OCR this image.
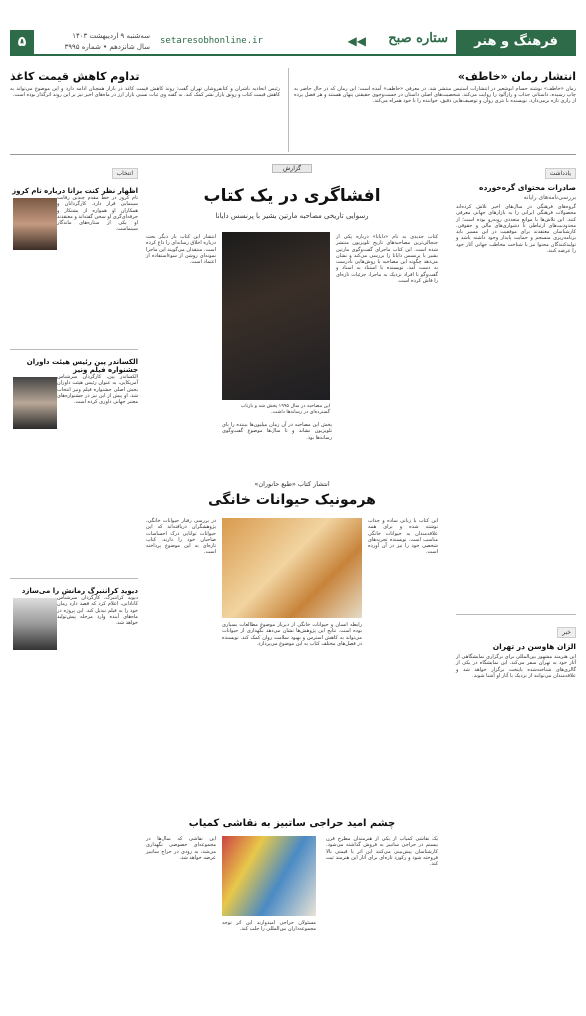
فرهنگ و هنر
ستاره صبح
◀◀
setaresobhonline.ir
سه‌شنبه ۹ اردیبهشت ۱۴۰۳
سال شانزدهم • شماره ۳۹۹۵
۵
انتشار رمان «خاطف»
رمان «خاطف» نوشته حسام ابوشعیر در انتشارات استیس منتشر شد. در معرفی «خاطف» آمده است: این رمان که در حال حاضر به چاپ رسیده، داستانی جذاب و رازآلود را روایت می‌کند. شخصیت‌های اصلی داستان در جست‌وجوی حقیقتی پنهان هستند و هر فصل پرده از رازی تازه برمی‌دارد. نویسنده با نثری روان و توصیف‌هایی دقیق، خواننده را با خود همراه می‌کند.
تداوم کاهش قیمت کاغذ
رئیس اتحادیه ناشران و کتابفروشان تهران گفت: روند کاهش قیمت کاغذ در بازار همچنان ادامه دارد و این موضوع می‌تواند به کاهش قیمت کتاب و رونق بازار نشر کمک کند. به گفته وی ثبات نسبی بازار ارز در ماه‌های اخیر نیز بر این روند اثرگذار بوده است.
یادداشت
صادرات محتوای گره‌خورده
بررسی‌نامه‌های رایانه
گروه‌های فرهنگی در سال‌های اخیر تلاش کرده‌اند محصولات فرهنگی ایرانی را به بازارهای جهانی معرفی کنند. این تلاش‌ها با موانع متعددی روبه‌رو بوده است؛ از محدودیت‌های ارتباطی تا دشواری‌های مالی و حقوقی. کارشناسان معتقدند برای موفقیت در این مسیر باید برنامه‌ریزی منسجم و حمایت پایدار وجود داشته باشد و تولیدکنندگان محتوا نیز با شناخت مخاطب جهانی آثار خود را عرضه کنند.
خبر
الزان هاوسن در تهران
این هنرمند مشهور بین‌المللی برای برگزاری نمایشگاهی از آثار خود به تهران سفر می‌کند. این نمایشگاه در یکی از گالری‌های شناخته‌شده پایتخت برگزار خواهد شد و علاقه‌مندان می‌توانند از نزدیک با آثار او آشنا شوند.
گزارش
افشاگری در یک کتاب
رسوایی تاریخی مصاحبه مارتین بشیر با پرنسس دایانا
کتاب جدیدی به نام «دایانا» درباره یکی از جنجالی‌ترین مصاحبه‌های تاریخ تلویزیون منتشر شده است. این کتاب ماجرای گفت‌وگوی مارتین بشیر با پرنسس دایانا را بررسی می‌کند و نشان می‌دهد چگونه این مصاحبه با روش‌هایی نادرست به دست آمد. نویسنده با استناد به اسناد و گفت‌وگو با افراد نزدیک به ماجرا، جزئیات تازه‌ای را فاش کرده است.
این مصاحبه در سال ۱۹۹۵ پخش شد و بازتاب گسترده‌ای در رسانه‌ها داشت.
انتشار این کتاب بار دیگر بحث درباره اخلاق رسانه‌ای را داغ کرده است. منتقدان می‌گویند این ماجرا نمونه‌ای روشن از سوءاستفاده از اعتماد است.
پخش این مصاحبه در آن زمان میلیون‌ها بیننده را پای تلویزیون نشاند و تا سال‌ها موضوع گفت‌وگوی رسانه‌ها بود.
انتشار کتاب «طبع حانوران»
هرمونیک حیوانات خانگی
این کتاب با زبانی ساده و جذاب نوشته شده و برای همه علاقه‌مندان به حیوانات خانگی مناسب است. نویسنده تجربه‌های شخصی خود را نیز در آن آورده است.
رابطه انسان و حیوانات خانگی از دیرباز موضوع مطالعات بسیاری بوده است. نتایج این پژوهش‌ها نشان می‌دهد نگهداری از حیوانات می‌تواند به کاهش استرس و بهبود سلامت روان کمک کند. نویسنده در فصل‌های مختلف کتاب به این موضوع می‌پردازد.
در بررسی رفتار حیوانات خانگی، پژوهشگران دریافته‌اند که این حیوانات توانایی درک احساسات صاحبان خود را دارند. کتاب تازه‌ای به این موضوع پرداخته است.
چشم امید حراجی ساتبیز به نقاشی کمیاب
یک نقاشی کمیاب از یکی از هنرمندان مطرح قرن بیستم در حراجی ساتبیز به فروش گذاشته می‌شود. کارشناسان پیش‌بینی می‌کنند این اثر با قیمتی بالا فروخته شود و رکورد تازه‌ای برای آثار این هنرمند ثبت کند.
مسئولان حراجی امیدوارند این اثر توجه مجموعه‌داران بین‌المللی را جلب کند.
این نقاشی که سال‌ها در مجموعه‌ای خصوصی نگهداری می‌شد، به زودی در حراج ساتبیز عرضه خواهد شد.
انتخاب
اظهار نظر کنت بزانا درباره تام کروز
تام کروز در خط مقدم چندین رقابت سینمایی قرار دارد. کارگردانان و همکاران او همواره از پشتکار و حرفه‌ای‌گری او سخن گفته‌اند و معتقدند او یکی از ستاره‌های ماندگار سینماست.
الکساندر پین رئیس هیئت داوران جشنواره فیلم ونیز
الکساندر پین، کارگردان سرشناس آمریکایی، به عنوان رئیس هیئت داوران بخش اصلی جشنواره فیلم ونیز انتخاب شد. او پیش از این نیز در جشنواره‌های معتبر جهانی داوری کرده است.
دیوید کراننبرگ رمانش را می‌سازد
دیوید کراننبرگ، کارگردان سرشناس کانادایی، اعلام کرد که قصد دارد رمان خود را به فیلم تبدیل کند. این پروژه در ماه‌های آینده وارد مرحله پیش‌تولید خواهد شد.
